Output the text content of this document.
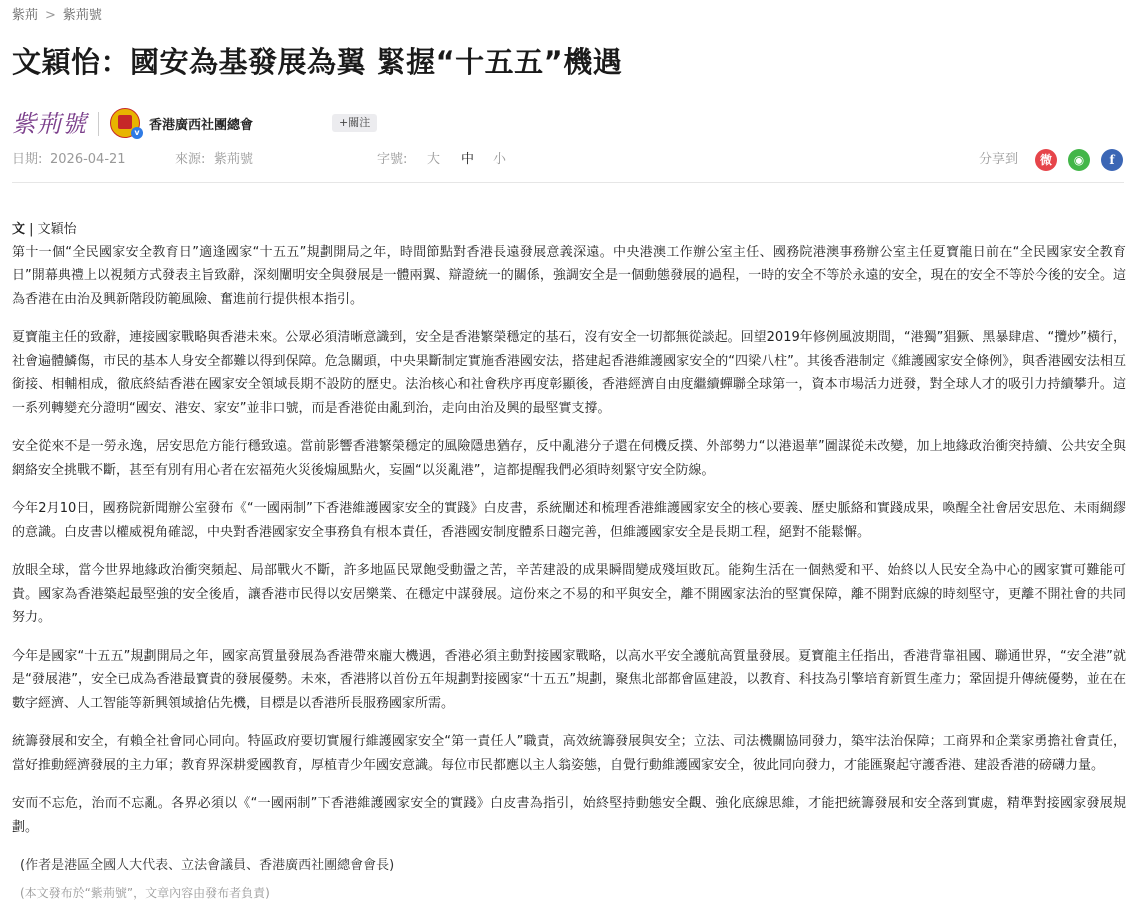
紫荊 > 紫荊號
文穎怡：國安為基發展為翼 緊握“十五五”機遇
紫荊號	v 香港廣西社團總會	+關注
日期: 2026-04-21	來源: 紫荊號	字號: 大 中 小	分享到	微	◉	f

文 | 文穎怡

第十一個“全民國家安全教育日”適逢國家“十五五”規劃開局之年，時間節點對香港長遠發展意義深遠。中央港澳工作辦公室主任、國務院港澳事務辦公室主任夏寶龍日前在“全民國家安全教育日”開幕典禮上以視頻方式發表主旨致辭，深刻闡明安全與發展是一體兩翼、辯證統一的關係，強調安全是一個動態發展的過程，一時的安全不等於永遠的安全，現在的安全不等於今後的安全。這為香港在由治及興新階段防範風險、奮進前行提供根本指引。

夏寶龍主任的致辭，連接國家戰略與香港未來。公眾必須清晰意識到，安全是香港繁榮穩定的基石，沒有安全一切都無從談起。回望2019年修例風波期間，“港獨”猖獗、黑暴肆虐、“攬炒”橫行，社會遍體鱗傷，市民的基本人身安全都難以得到保障。危急關頭，中央果斷制定實施香港國安法，搭建起香港維護國家安全的“四梁八柱”。其後香港制定《維護國家安全條例》，與香港國安法相互銜接、相輔相成，徹底終結香港在國家安全領域長期不設防的歷史。法治核心和社會秩序再度彰顯後，香港經濟自由度繼續蟬聯全球第一，資本市場活力迸發，對全球人才的吸引力持續攀升。這一系列轉變充分證明“國安、港安、家安”並非口號，而是香港從由亂到治，走向由治及興的最堅實支撐。

安全從來不是一勞永逸，居安思危方能行穩致遠。當前影響香港繁榮穩定的風險隱患猶存，反中亂港分子還在伺機反撲、外部勢力“以港遏華”圖謀從未改變，加上地緣政治衝突持續、公共安全與網絡安全挑戰不斷，甚至有別有用心者在宏福苑火災後煽風點火，妄圖“以災亂港”，這都提醒我們必須時刻緊守安全防線。

今年2月10日，國務院新聞辦公室發布《“一國兩制”下香港維護國家安全的實踐》白皮書，系統闡述和梳理香港維護國家安全的核心要義、歷史脈絡和實踐成果，喚醒全社會居安思危、未雨綢繆的意識。白皮書以權威視角確認，中央對香港國家安全事務負有根本責任，香港國安制度體系日趨完善，但維護國家安全是長期工程，絕對不能鬆懈。

放眼全球，當今世界地緣政治衝突頻起、局部戰火不斷，許多地區民眾飽受動盪之苦，辛苦建設的成果瞬間變成殘垣敗瓦。能夠生活在一個熱愛和平、始終以人民安全為中心的國家實可難能可貴。國家為香港築起最堅強的安全後盾，讓香港市民得以安居樂業、在穩定中謀發展。這份來之不易的和平與安全，離不開國家法治的堅實保障，離不開對底線的時刻堅守，更離不開社會的共同努力。

今年是國家“十五五”規劃開局之年，國家高質量發展為香港帶來龐大機遇，香港必須主動對接國家戰略，以高水平安全護航高質量發展。夏寶龍主任指出，香港背靠祖國、聯通世界，“安全港”就是“發展港”，安全已成為香港最寶貴的發展優勢。未來，香港將以首份五年規劃對接國家“十五五”規劃，聚焦北部都會區建設，以教育、科技為引擎培育新質生產力；鞏固提升傳統優勢，並在在數字經濟、人工智能等新興領域搶佔先機，目標是以香港所長服務國家所需。

統籌發展和安全，有賴全社會同心同向。特區政府要切實履行維護國家安全“第一責任人”職責，高效統籌發展與安全；立法、司法機關協同發力，築牢法治保障；工商界和企業家勇擔社會責任，當好推動經濟發展的主力軍；教育界深耕愛國教育，厚植青少年國安意識。每位市民都應以主人翁姿態，自覺行動維護國家安全，彼此同向發力，才能匯聚起守護香港、建設香港的磅礴力量。

安而不忘危，治而不忘亂。各界必須以《“一國兩制”下香港維護國家安全的實踐》白皮書為指引，始終堅持動態安全觀、強化底線思維，才能把統籌發展和安全落到實處，精準對接國家發展規劃。

(作者是港區全國人大代表、立法會議員、香港廣西社團總會會長)

(本文發布於“紫荊號”，文章內容由發布者負責)
